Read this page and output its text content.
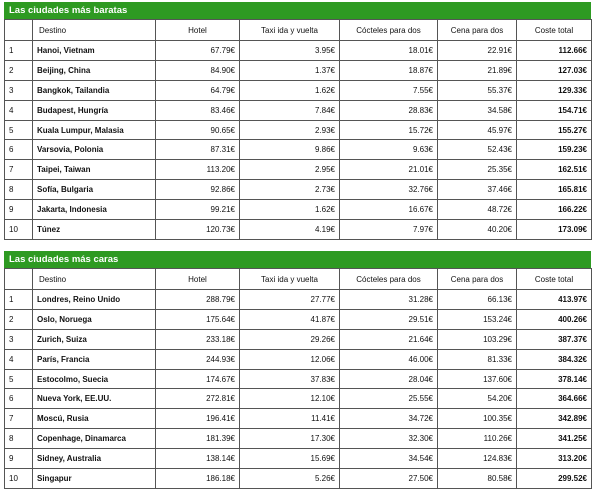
Las ciudades más baratas
	Destino	Hotel	Taxi ida y vuelta	Cócteles para dos	Cena para dos	Coste total
1	Hanoi, Vietnam	67.79€	3.95€	18.01€	22.91€	112.66€
2	Beijing, China	84.90€	1.37€	18.87€	21.89€	127.03€
3	Bangkok, Tailandia	64.79€	1.62€	7.55€	55.37€	129.33€
4	Budapest, Hungría	83.46€	7.84€	28.83€	34.58€	154.71€
5	Kuala Lumpur, Malasia	90.65€	2.93€	15.72€	45.97€	155.27€
6	Varsovia, Polonia	87.31€	9.86€	9.63€	52.43€	159.23€
7	Taipei, Taiwan	113.20€	2.95€	21.01€	25.35€	162.51€
8	Sofía, Bulgaria	92.86€	2.73€	32.76€	37.46€	165.81€
9	Jakarta, Indonesia	99.21€	1.62€	16.67€	48.72€	166.22€
10	Túnez	120.73€	4.19€	7.97€	40.20€	173.09€
Las ciudades más caras
	Destino	Hotel	Taxi ida y vuelta	Cócteles para dos	Cena para dos	Coste total
1	Londres, Reino Unido	288.79€	27.77€	31.28€	66.13€	413.97€
2	Oslo, Noruega	175.64€	41.87€	29.51€	153.24€	400.26€
3	Zurich, Suiza	233.18€	29.26€	21.64€	103.29€	387.37€
4	París, Francia	244.93€	12.06€	46.00€	81.33€	384.32€
5	Estocolmo, Suecia	174.67€	37.83€	28.04€	137.60€	378.14€
6	Nueva York, EE.UU.	272.81€	12.10€	25.55€	54.20€	364.66€
7	Moscú, Rusia	196.41€	11.41€	34.72€	100.35€	342.89€
8	Copenhage, Dinamarca	181.39€	17.30€	32.30€	110.26€	341.25€
9	Sidney, Australia	138.14€	15.69€	34.54€	124.83€	313.20€
10	Singapur	186.18€	5.26€	27.50€	80.58€	299.52€
